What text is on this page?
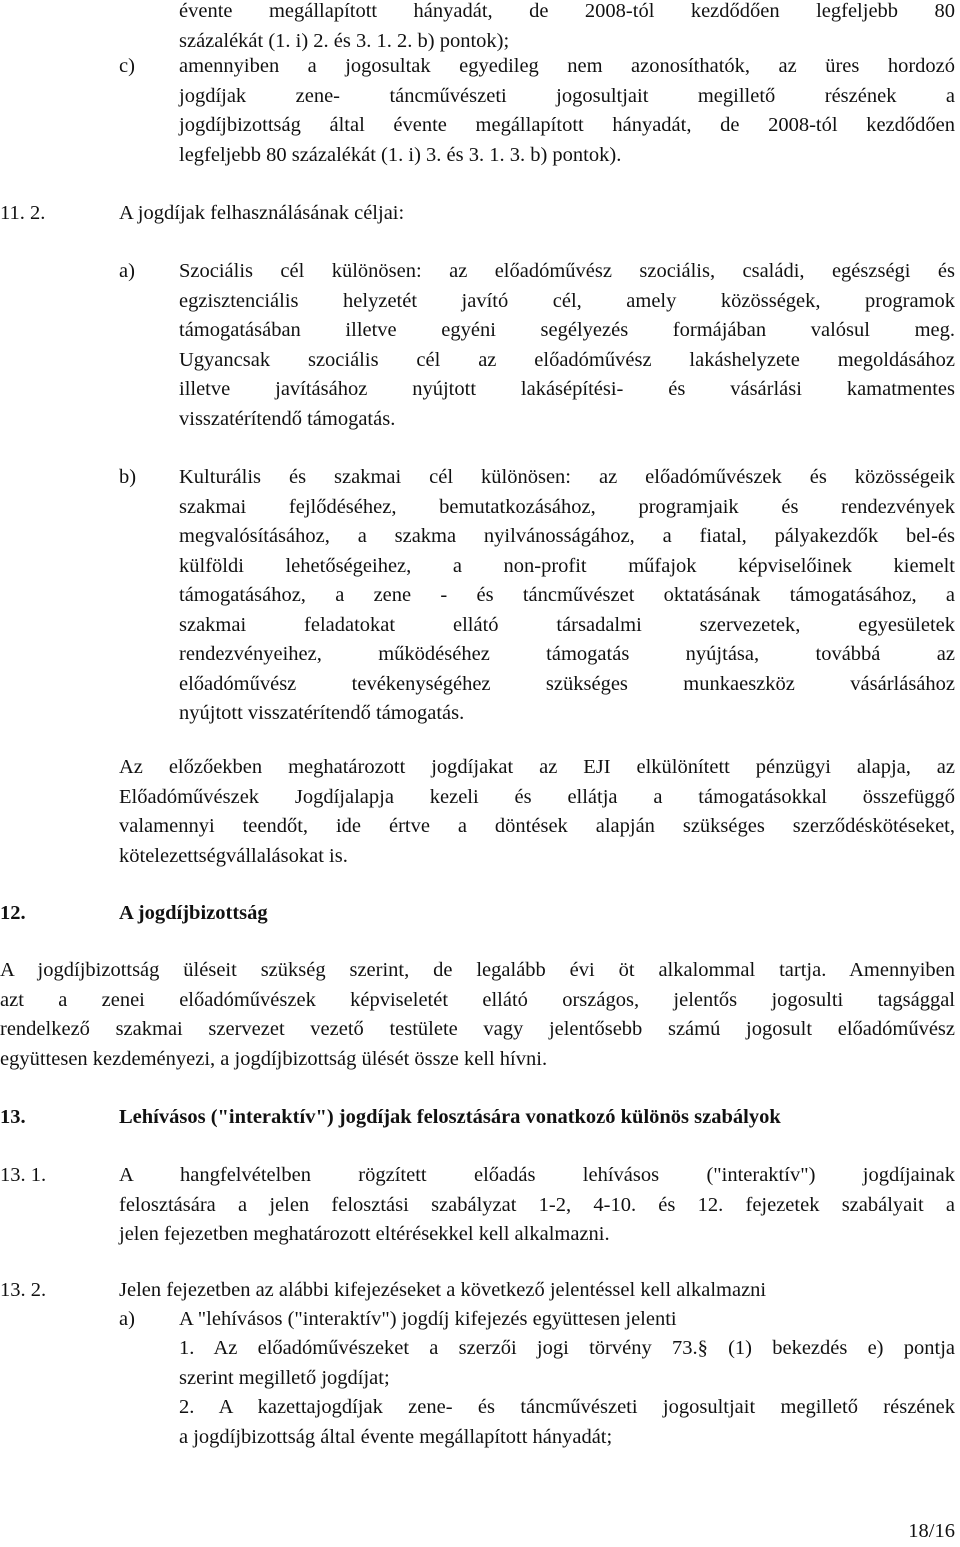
évente megállapított hányadát, de 2008-tól kezdődően legfeljebb 80
százalékát (1. i) 2. és 3. 1. 2. b) pontok);
c) amennyiben a jogosultak egyedileg nem azonosíthatók, az üres hordozó
jogdíjak zene- táncművészeti jogosultjait megillető részének a
jogdíjbizottság által évente megállapított hányadát, de 2008-tól kezdődően
legfeljebb 80 százalékát (1. i) 3. és 3. 1. 3. b) pontok).
11. 2.	A jogdíjak felhasználásának céljai:
a) Szociális cél különösen: az előadóművész szociális, családi, egészségi és
egzisztenciális helyzetét javító cél, amely közösségek, programok
támogatásában illetve egyéni segélyezés formájában valósul meg.
Ugyancsak szociális cél az előadóművész lakáshelyzete megoldásához
illetve javításához nyújtott lakásépítési- és vásárlási kamatmentes
visszatérítendő támogatás.
b) Kulturális és szakmai cél különösen: az előadóművészek és közösségeik
szakmai fejlődéséhez, bemutatkozásához, programjaik és rendezvények
megvalósításához, a szakma nyilvánosságához, a fiatal, pályakezdők bel-és
külföldi lehetőségeihez, a non-profit műfajok képviselőinek kiemelt
támogatásához, a zene - és táncművészet oktatásának támogatásához, a
szakmai feladatokat ellátó társadalmi szervezetek, egyesületek
rendezvényeihez, működéséhez támogatás nyújtása, továbbá az
előadóművész tevékenységéhez szükséges munkaeszköz vásárlásához
nyújtott visszatérítendő támogatás.
Az előzőekben meghatározott jogdíjakat az EJI elkülönített pénzügyi alapja, az
Előadóművészek Jogdíjalapja kezeli és ellátja a támogatásokkal összefüggő
valamennyi teendőt, ide értve a döntések alapján szükséges szerződéskötéseket,
kötelezettségvállalásokat is.
12.	A jogdíjbizottság
A jogdíjbizottság üléseit szükség szerint, de legalább évi öt alkalommal tartja. Amennyiben
azt a zenei előadóművészek képviseletét ellátó országos, jelentős jogosulti tagsággal
rendelkező szakmai szervezet vezető testülete vagy jelentősebb számú jogosult előadóművész
együttesen kezdeményezi, a jogdíjbizottság ülését össze kell hívni.
13.	Lehívásos ("interaktív") jogdíjak felosztására vonatkozó különös szabályok
13. 1.	A hangfelvételben rögzített előadás lehívásos ("interaktív") jogdíjainak
felosztására a jelen felosztási szabályzat 1-2, 4-10. és 12. fejezetek szabályait a
jelen fejezetben meghatározott eltérésekkel kell alkalmazni.
13. 2.	Jelen fejezetben az alábbi kifejezéseket a következő jelentéssel kell alkalmazni
a) A "lehívásos ("interaktív") jogdíj kifejezés együttesen jelenti
1. Az előadóművészeket a szerzői jogi törvény 73.§ (1) bekezdés e) pontja
szerint megillető jogdíjat;
2. A kazettajogdíjak zene- és táncművészeti jogosultjait megillető részének
a jogdíjbizottság által évente megállapított hányadát;
18/16
